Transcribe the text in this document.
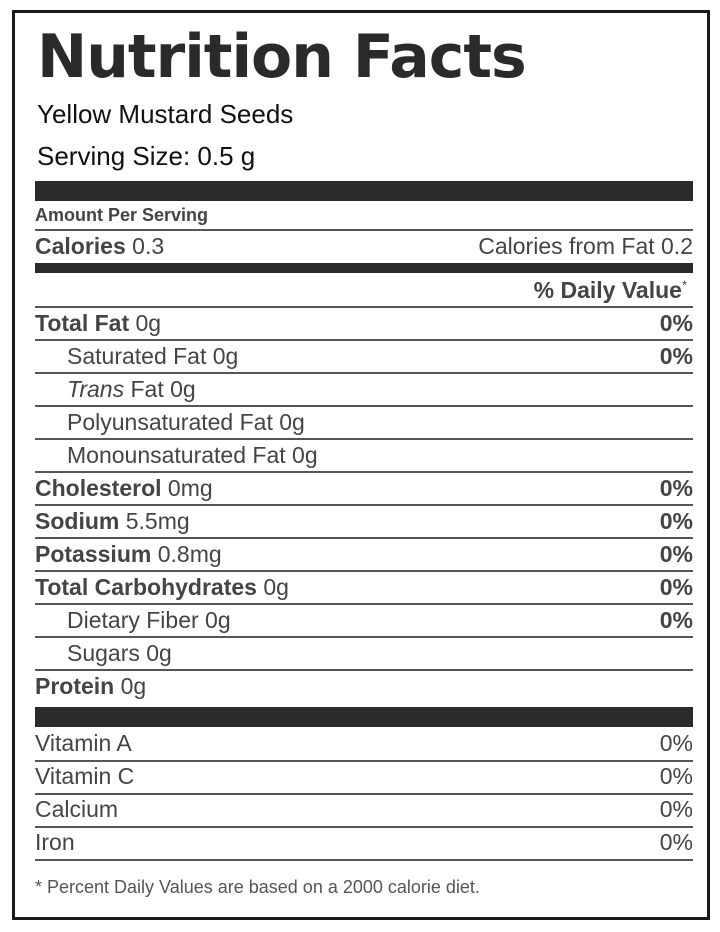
Nutrition Facts
Yellow Mustard Seeds
Serving Size: 0.5 g
Amount Per Serving
Calories 0.3	Calories from Fat 0.2
% Daily Value*
Total Fat 0g	0%
Saturated Fat 0g	0%
Trans Fat 0g
Polyunsaturated Fat 0g
Monounsaturated Fat 0g
Cholesterol 0mg	0%
Sodium 5.5mg	0%
Potassium 0.8mg	0%
Total Carbohydrates 0g	0%
Dietary Fiber 0g	0%
Sugars 0g
Protein 0g
Vitamin A	0%
Vitamin C	0%
Calcium	0%
Iron	0%
* Percent Daily Values are based on a 2000 calorie diet.
